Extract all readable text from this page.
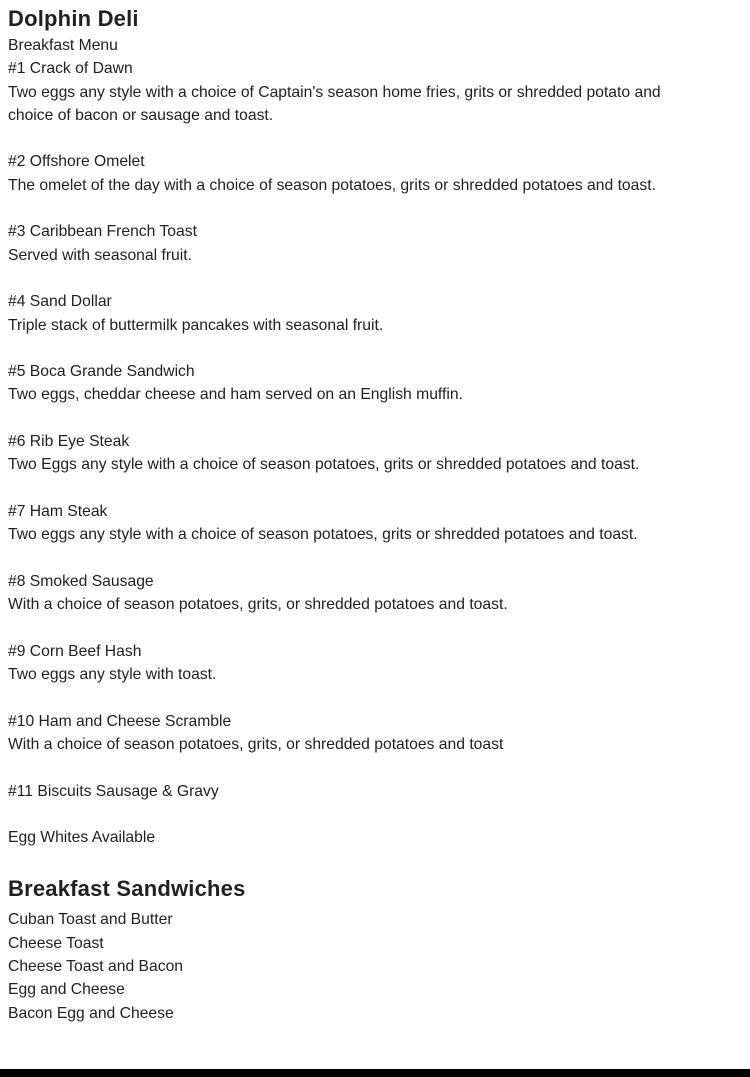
Dolphin Deli
Breakfast Menu
#1 Crack of Dawn
Two eggs any style with a choice of Captain's season home fries, grits or shredded potato and
choice of bacon or sausage and toast.
#2 Offshore Omelet
The omelet of the day with a choice of season potatoes, grits or shredded potatoes and toast.
#3 Caribbean French Toast
Served with seasonal fruit.
#4 Sand Dollar
Triple stack of buttermilk pancakes with seasonal fruit.
#5 Boca Grande Sandwich
Two eggs, cheddar cheese and ham served on an English muffin.
#6 Rib Eye Steak
Two Eggs any style with a choice of season potatoes, grits or shredded potatoes and toast.
#7 Ham Steak
Two eggs any style with a choice of season potatoes, grits or shredded potatoes and toast.
#8 Smoked Sausage
With a choice of season potatoes, grits, or shredded potatoes and toast.
#9 Corn Beef Hash
Two eggs any style with toast.
#10 Ham and Cheese Scramble
With a choice of season potatoes, grits, or shredded potatoes and toast
#11 Biscuits Sausage & Gravy
Egg Whites Available
Breakfast Sandwiches
Cuban Toast and Butter
Cheese Toast
Cheese Toast and Bacon
Egg and Cheese
Bacon Egg and Cheese
